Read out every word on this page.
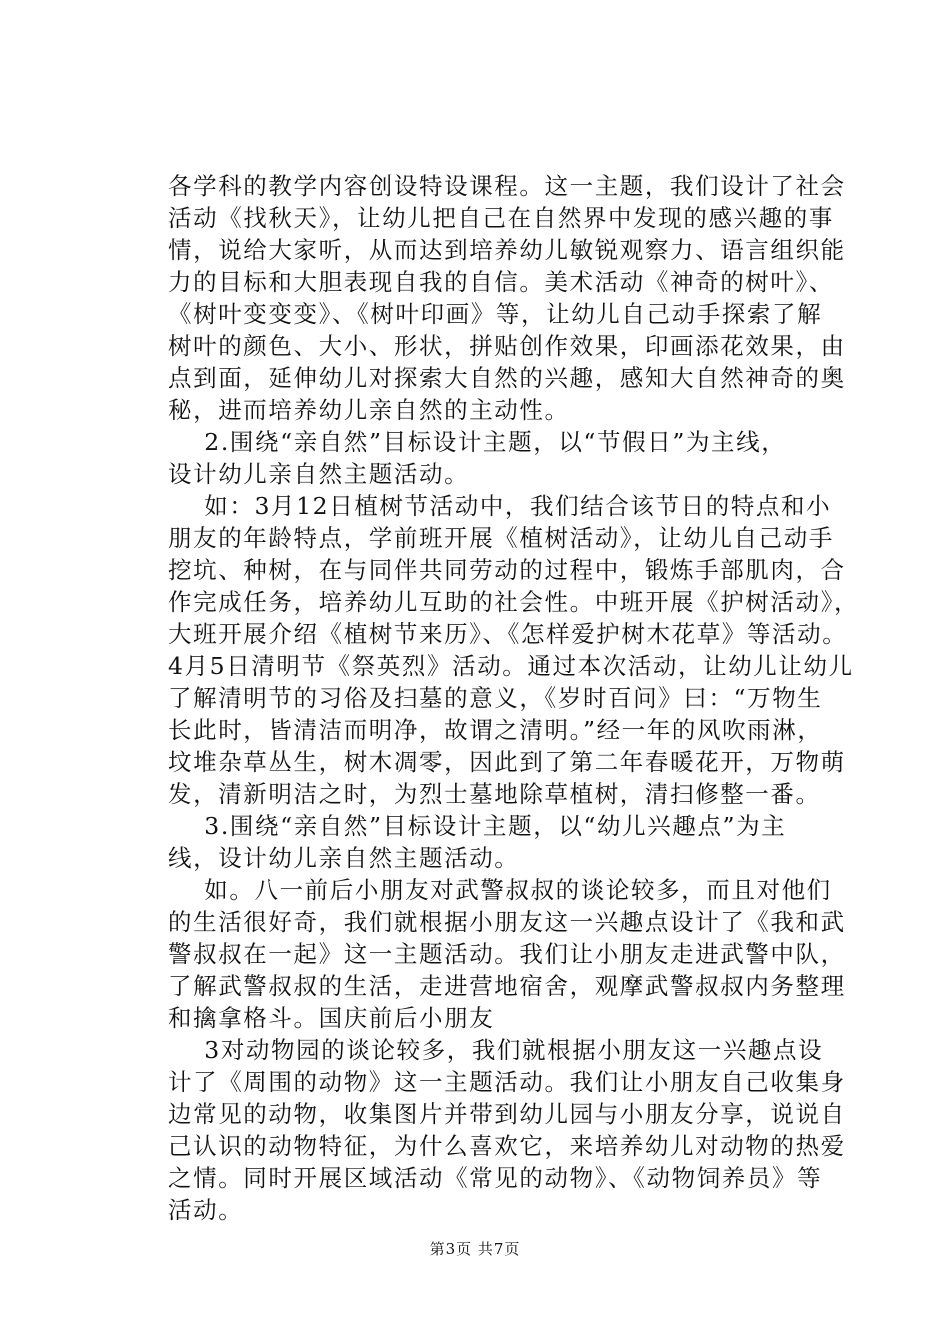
各学科的教学内容创设特设课程。这一主题，我们设计了社会
活动《找秋天》，让幼儿把自己在自然界中发现的感兴趣的事
情，说给大家听，从而达到培养幼儿敏锐观察力、语言组织能
力的目标和大胆表现自我的自信。美术活动《神奇的树叶》、
《树叶变变变》、《树叶印画》等，让幼儿自己动手探索了解
树叶的颜色、大小、形状，拼贴创作效果，印画添花效果，由
点到面，延伸幼儿对探索大自然的兴趣，感知大自然神奇的奥
秘，进而培养幼儿亲自然的主动性。
2.围绕“亲自然”目标设计主题，以“节假日”为主线，
设计幼儿亲自然主题活动。
如：3月12日植树节活动中，我们结合该节日的特点和小
朋友的年龄特点，学前班开展《植树活动》，让幼儿自己动手
挖坑、种树，在与同伴共同劳动的过程中，锻炼手部肌肉，合
作完成任务，培养幼儿互助的社会性。中班开展《护树活动》，
大班开展介绍《植树节来历》、《怎样爱护树木花草》等活动。
4月5日清明节《祭英烈》活动。通过本次活动，让幼儿让幼儿
了解清明节的习俗及扫墓的意义，《岁时百问》曰：“万物生
长此时，皆清洁而明净，故谓之清明。”经一年的风吹雨淋，
坟堆杂草丛生，树木凋零，因此到了第二年春暖花开，万物萌
发，清新明洁之时，为烈士墓地除草植树，清扫修整一番。
3.围绕“亲自然”目标设计主题，以“幼儿兴趣点”为主
线，设计幼儿亲自然主题活动。
如。八一前后小朋友对武警叔叔的谈论较多，而且对他们
的生活很好奇，我们就根据小朋友这一兴趣点设计了《我和武
警叔叔在一起》这一主题活动。我们让小朋友走进武警中队，
了解武警叔叔的生活，走进营地宿舍，观摩武警叔叔内务整理
和擒拿格斗。国庆前后小朋友
3对动物园的谈论较多，我们就根据小朋友这一兴趣点设
计了《周围的动物》这一主题活动。我们让小朋友自己收集身
边常见的动物，收集图片并带到幼儿园与小朋友分享，说说自
己认识的动物特征，为什么喜欢它，来培养幼儿对动物的热爱
之情。同时开展区域活动《常见的动物》、《动物饲养员》等
活动。
第3页 共7页
